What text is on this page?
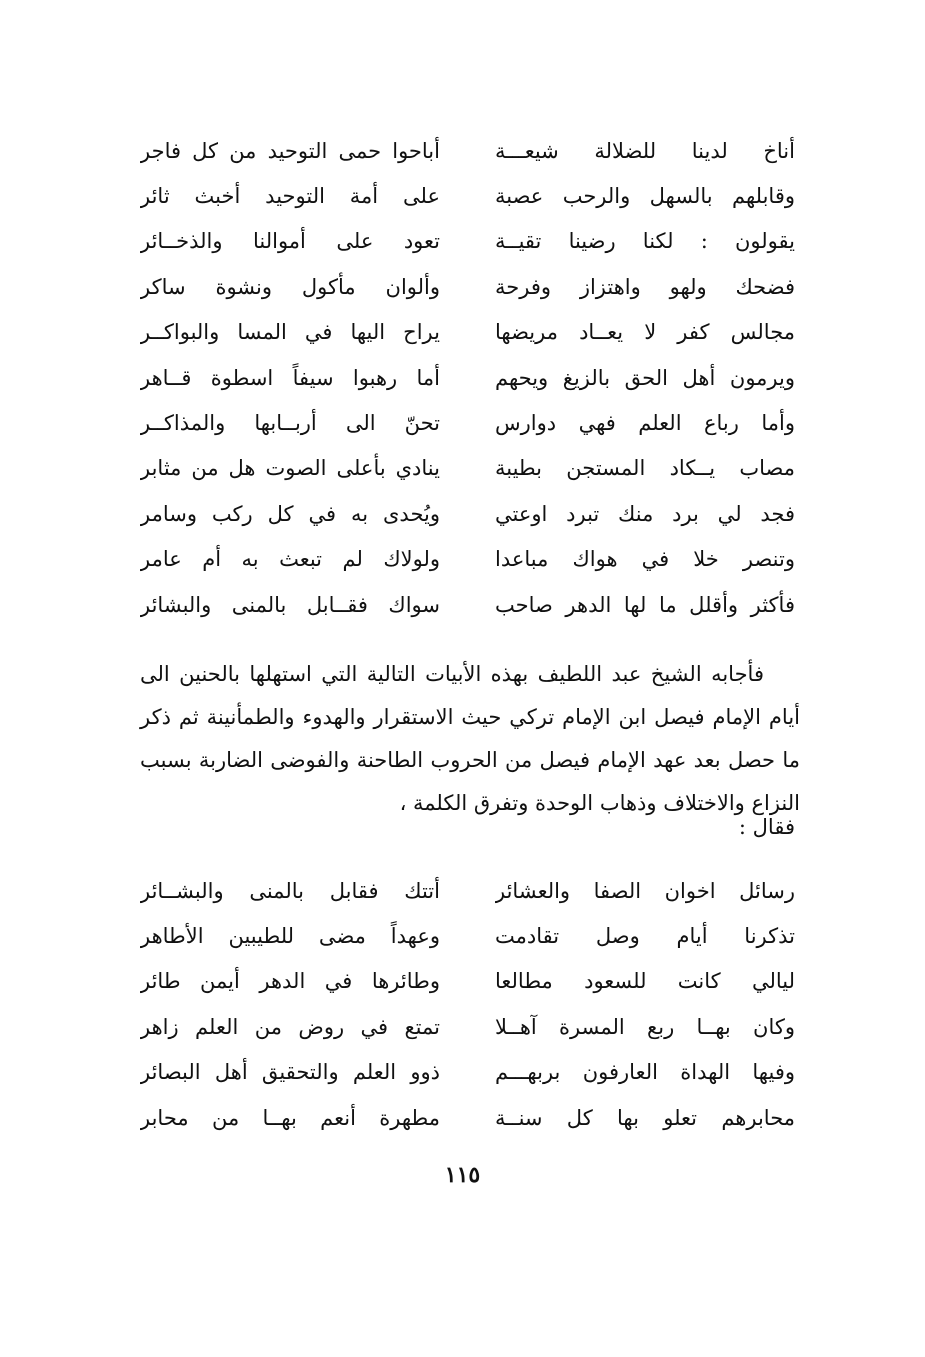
أناخ لدينا للضلالة شيعـــة
أباحوا حمى التوحيد من كل فاجر
وقابلهم بالسهل والرحب عصبة
على أمة التوحيد أخبث ثائر
يقولون : لكنا رضينا تقيــة
تعود على أموالنا والذخــائر
فضحك ولهو واهتزاز وفرحة
وألوان مأكول ونشوة ساكر
مجالس كفر لا يعــاد مريضها
يراح اليها في المسا والبواكــر
ويرمون أهل الحق بالزيغ ويحهم
أما رهبوا سيفاً اسطوة قــاهر
وأما رباع العلم فهي دوارس
تحنّ الى أربــابها والمذاكــر
مصاب يــكاد المستجن بطيبة
ينادي بأعلى الصوت هل من مثابر
فجد لي برد منك تبرد اوعتي
ويُحدى به في كل ركب وسامر
وتنصر خلا في هواك مباعدا
ولولاك لم تبعث به أم عامر
فأكثر وأقلل ما لها الدهر صاحب
سواك فقــابل بالمنى والبشائر

فأجابه الشيخ عبد اللطيف بهذه الأبيات التالية التي استهلها بالحنين الى أيام الإمام فيصل ابن الإمام تركي حيث الاستقرار والهدوء والطمأنينة ثم ذكر ما حصل بعد عهد الإمام فيصل من الحروب الطاحنة والفوضى الضاربة بسبب النزاع والاختلاف وذهاب الوحدة وتفرق الكلمة ،

فقال :
رسائل اخوان الصفا والعشائر
أتتك فقابل بالمنى والبشــائر
تذكرنا أيام وصل تقادمت
وعهداً مضى للطيبين الأطاهر
ليالي كانت للسعود مطالعا
وطائرها في الدهر أيمن طائر
وكان بهــا ربع المسرة آهــلا
تمتع في روض من العلم زاهر
وفيها الهداة العارفون بربهـــم
ذوو العلم والتحقيق أهل البصائر
محابرهم تعلو بها كل سنــة
مطهرة أنعم بهــا من محابر
١١٥
